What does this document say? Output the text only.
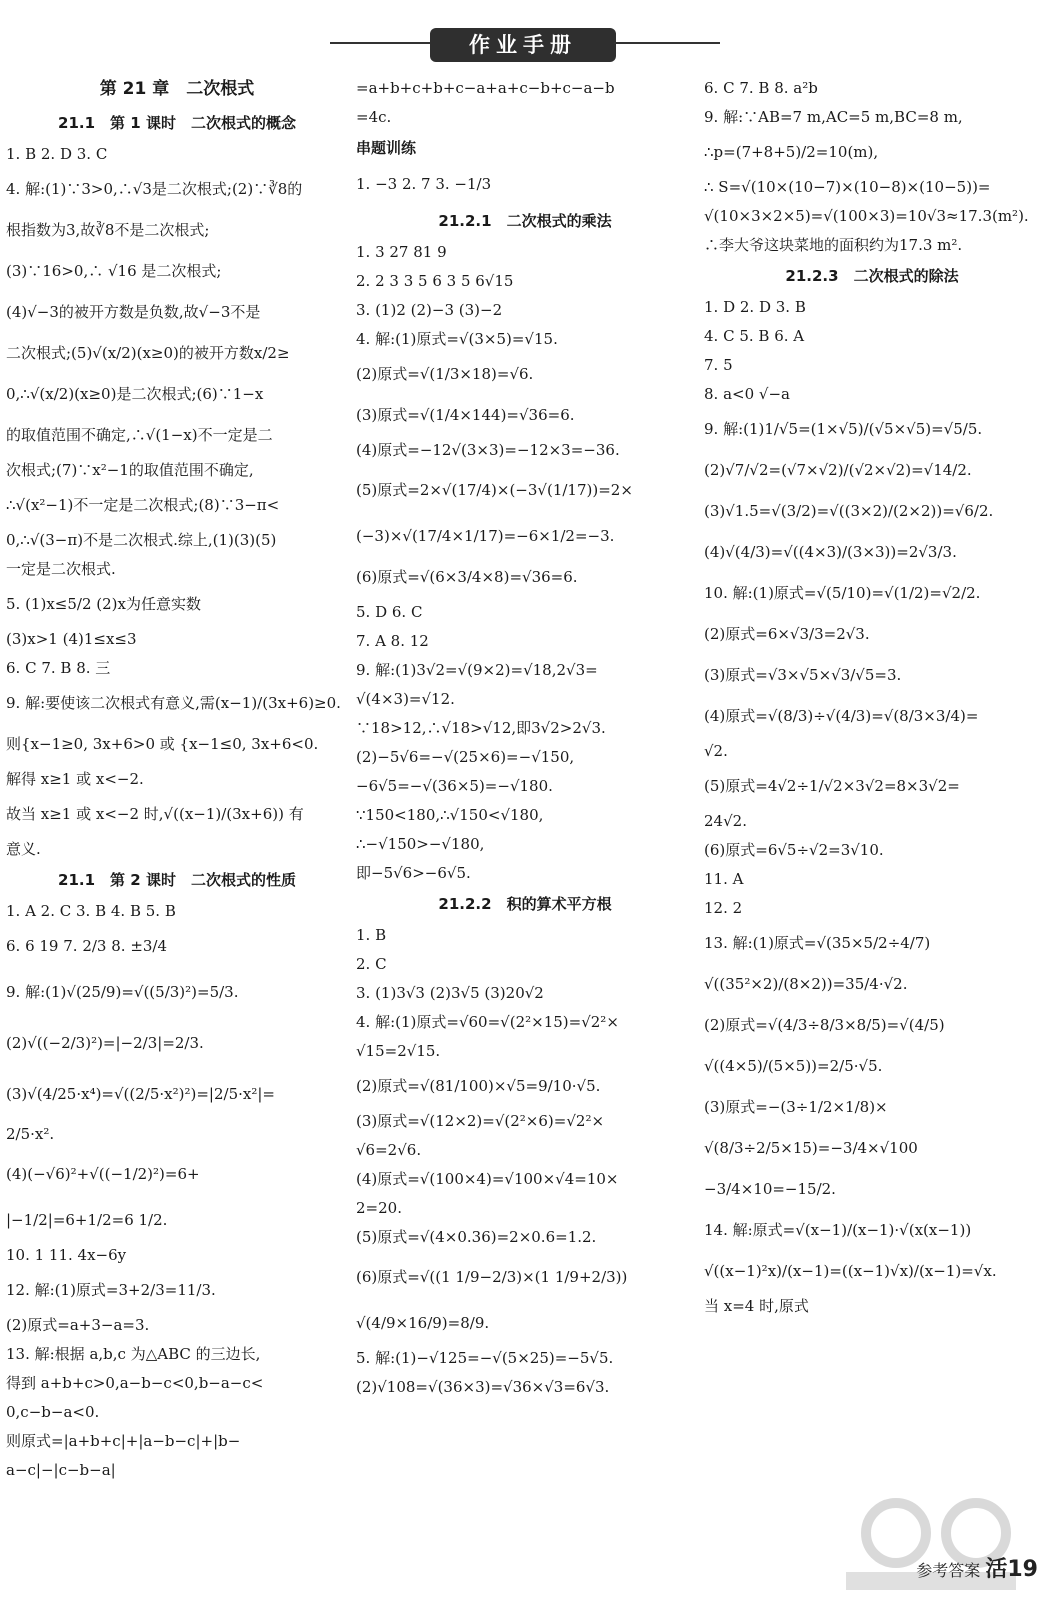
作业手册
第 21 章　二次根式
21.1　第 1 课时　二次根式的概念
1. B 2. D 3. C
4. 解:(1)∵3>0,∴√3是二次根式;(2)∵∛8的
根指数为3,故∛8不是二次根式;
(3)∵16>0,∴ √16 是二次根式;
(4)√−3的被开方数是负数,故√−3不是
二次根式;(5)√(x/2)(x≥0)的被开方数x/2≥
0,∴√(x/2)(x≥0)是二次根式;(6)∵1−x
的取值范围不确定,∴√(1−x)不一定是二
次根式;(7)∵x²−1的取值范围不确定,
∴√(x²−1)不一定是二次根式;(8)∵3−π<
0,∴√(3−π)不是二次根式.综上,(1)(3)(5)
一定是二次根式.
5. (1)x≤5/2 (2)x为任意实数
(3)x>1 (4)1≤x≤3
6. C 7. B 8. 三
9. 解:要使该二次根式有意义,需(x−1)/(3x+6)≥0.
则{x−1≥0, 3x+6>0 或 {x−1≤0, 3x+6<0.
解得 x≥1 或 x<−2.
故当 x≥1 或 x<−2 时,√((x−1)/(3x+6)) 有
意义.
21.1　第 2 课时　二次根式的性质
1. A 2. C 3. B 4. B 5. B
6. 6 19 7. 2/3 8. ±3/4
9. 解:(1)√(25/9)=√((5/3)²)=5/3.
(2)√((−2/3)²)=|−2/3|=2/3.
(3)√(4/25·x⁴)=√((2/5·x²)²)=|2/5·x²|=
2/5·x².
(4)(−√6)²+√((−1/2)²)=6+
|−1/2|=6+1/2=6 1/2.
10. 1 11. 4x−6y
12. 解:(1)原式=3+2/3=11/3.
(2)原式=a+3−a=3.
13. 解:根据 a,b,c 为△ABC 的三边长,
得到 a+b+c>0,a−b−c<0,b−a−c<
0,c−b−a<0.
则原式=|a+b+c|+|a−b−c|+|b−
a−c|−|c−b−a|
=a+b+c+b+c−a+a+c−b+c−a−b
=4c.
串题训练
1. −3 2. 7 3. −1/3
21.2.1　二次根式的乘法
1. 3 27 81 9
2. 2 3 3 5 6 3 5 6√15
3. (1)2 (2)−3 (3)−2
4. 解:(1)原式=√(3×5)=√15.
(2)原式=√(1/3×18)=√6.
(3)原式=√(1/4×144)=√36=6.
(4)原式=−12√(3×3)=−12×3=−36.
(5)原式=2×√(17/4)×(−3√(1/17))=2×
(−3)×√(17/4×1/17)=−6×1/2=−3.
(6)原式=√(6×3/4×8)=√36=6.
5. D 6. C
7. A 8. 12
9. 解:(1)3√2=√(9×2)=√18,2√3=
√(4×3)=√12.
∵18>12,∴√18>√12,即3√2>2√3.
(2)−5√6=−√(25×6)=−√150,
−6√5=−√(36×5)=−√180.
∵150<180,∴√150<√180,
∴−√150>−√180,
即−5√6>−6√5.
21.2.2　积的算术平方根
1. B
2. C
3. (1)3√3 (2)3√5 (3)20√2
4. 解:(1)原式=√60=√(2²×15)=√2²×
√15=2√15.
(2)原式=√(81/100)×√5=9/10·√5.
(3)原式=√(12×2)=√(2²×6)=√2²×
√6=2√6.
(4)原式=√(100×4)=√100×√4=10×
2=20.
(5)原式=√(4×0.36)=2×0.6=1.2.
(6)原式=√((1 1/9−2/3)×(1 1/9+2/3))
√(4/9×16/9)=8/9.
5. 解:(1)−√125=−√(5×25)=−5√5.
(2)√108=√(36×3)=√36×√3=6√3.
6. C 7. B 8. a²b
9. 解:∵AB=7 m,AC=5 m,BC=8 m,
∴p=(7+8+5)/2=10(m),
∴ S=√(10×(10−7)×(10−8)×(10−5))=
√(10×3×2×5)=√(100×3)=10√3≈17.3(m²).
∴李大爷这块菜地的面积约为17.3 m².
21.2.3　二次根式的除法
1. D 2. D 3. B
4. C 5. B 6. A
7. 5
8. a<0 √−a
9. 解:(1)1/√5=(1×√5)/(√5×√5)=√5/5.
(2)√7/√2=(√7×√2)/(√2×√2)=√14/2.
(3)√1.5=√(3/2)=√((3×2)/(2×2))=√6/2.
(4)√(4/3)=√((4×3)/(3×3))=2√3/3.
10. 解:(1)原式=√(5/10)=√(1/2)=√2/2.
(2)原式=6×√3/3=2√3.
(3)原式=√3×√5×√3/√5=3.
(4)原式=√(8/3)÷√(4/3)=√(8/3×3/4)=
√2.
(5)原式=4√2÷1/√2×3√2=8×3√2=
24√2.
(6)原式=6√5÷√2=3√10.
11. A
12. 2
13. 解:(1)原式=√(35×5/2÷4/7)
√((35²×2)/(8×2))=35/4·√2.
(2)原式=√(4/3÷8/3×8/5)=√(4/5)
√((4×5)/(5×5))=2/5·√5.
(3)原式=−(3÷1/2×1/8)×
√(8/3÷2/5×15)=−3/4×√100
−3/4×10=−15/2.
14. 解:原式=√(x−1)/(x−1)·√(x(x−1))
√((x−1)²x)/(x−1)=((x−1)√x)/(x−1)=√x.
当 x=4 时,原式
参考答案 活19
